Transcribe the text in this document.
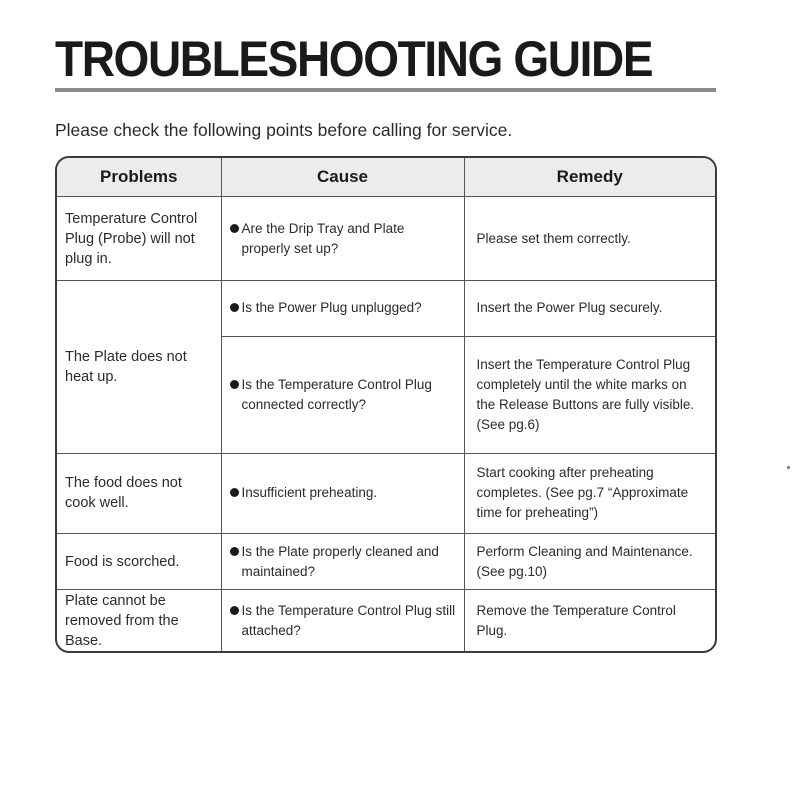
TROUBLESHOOTING GUIDE
Please check the following points before calling for service.
Problems	Cause	Remedy
Temperature Control Plug (Probe) will not plug in.	Are the Drip Tray and Plate properly set up?	Please set them correctly.
The Plate does not heat up.	Is the Power Plug unplugged?	Insert the Power Plug securely.

	Is the Temperature Control Plug connected correctly?	Insert the Temperature Control Plug completely until the white marks on the Release Buttons are fully visible. (See pg.6)
The food does not cook well.	Insufficient preheating.	Start cooking after preheating completes. (See pg.7 “Approximate time for preheating”)
Food is scorched.	Is the Plate properly cleaned and maintained?	Perform Cleaning and Maintenance. (See pg.10)
Plate cannot be removed from the Base.	Is the Temperature Control Plug still attached?	Remove the Temperature Control Plug.
